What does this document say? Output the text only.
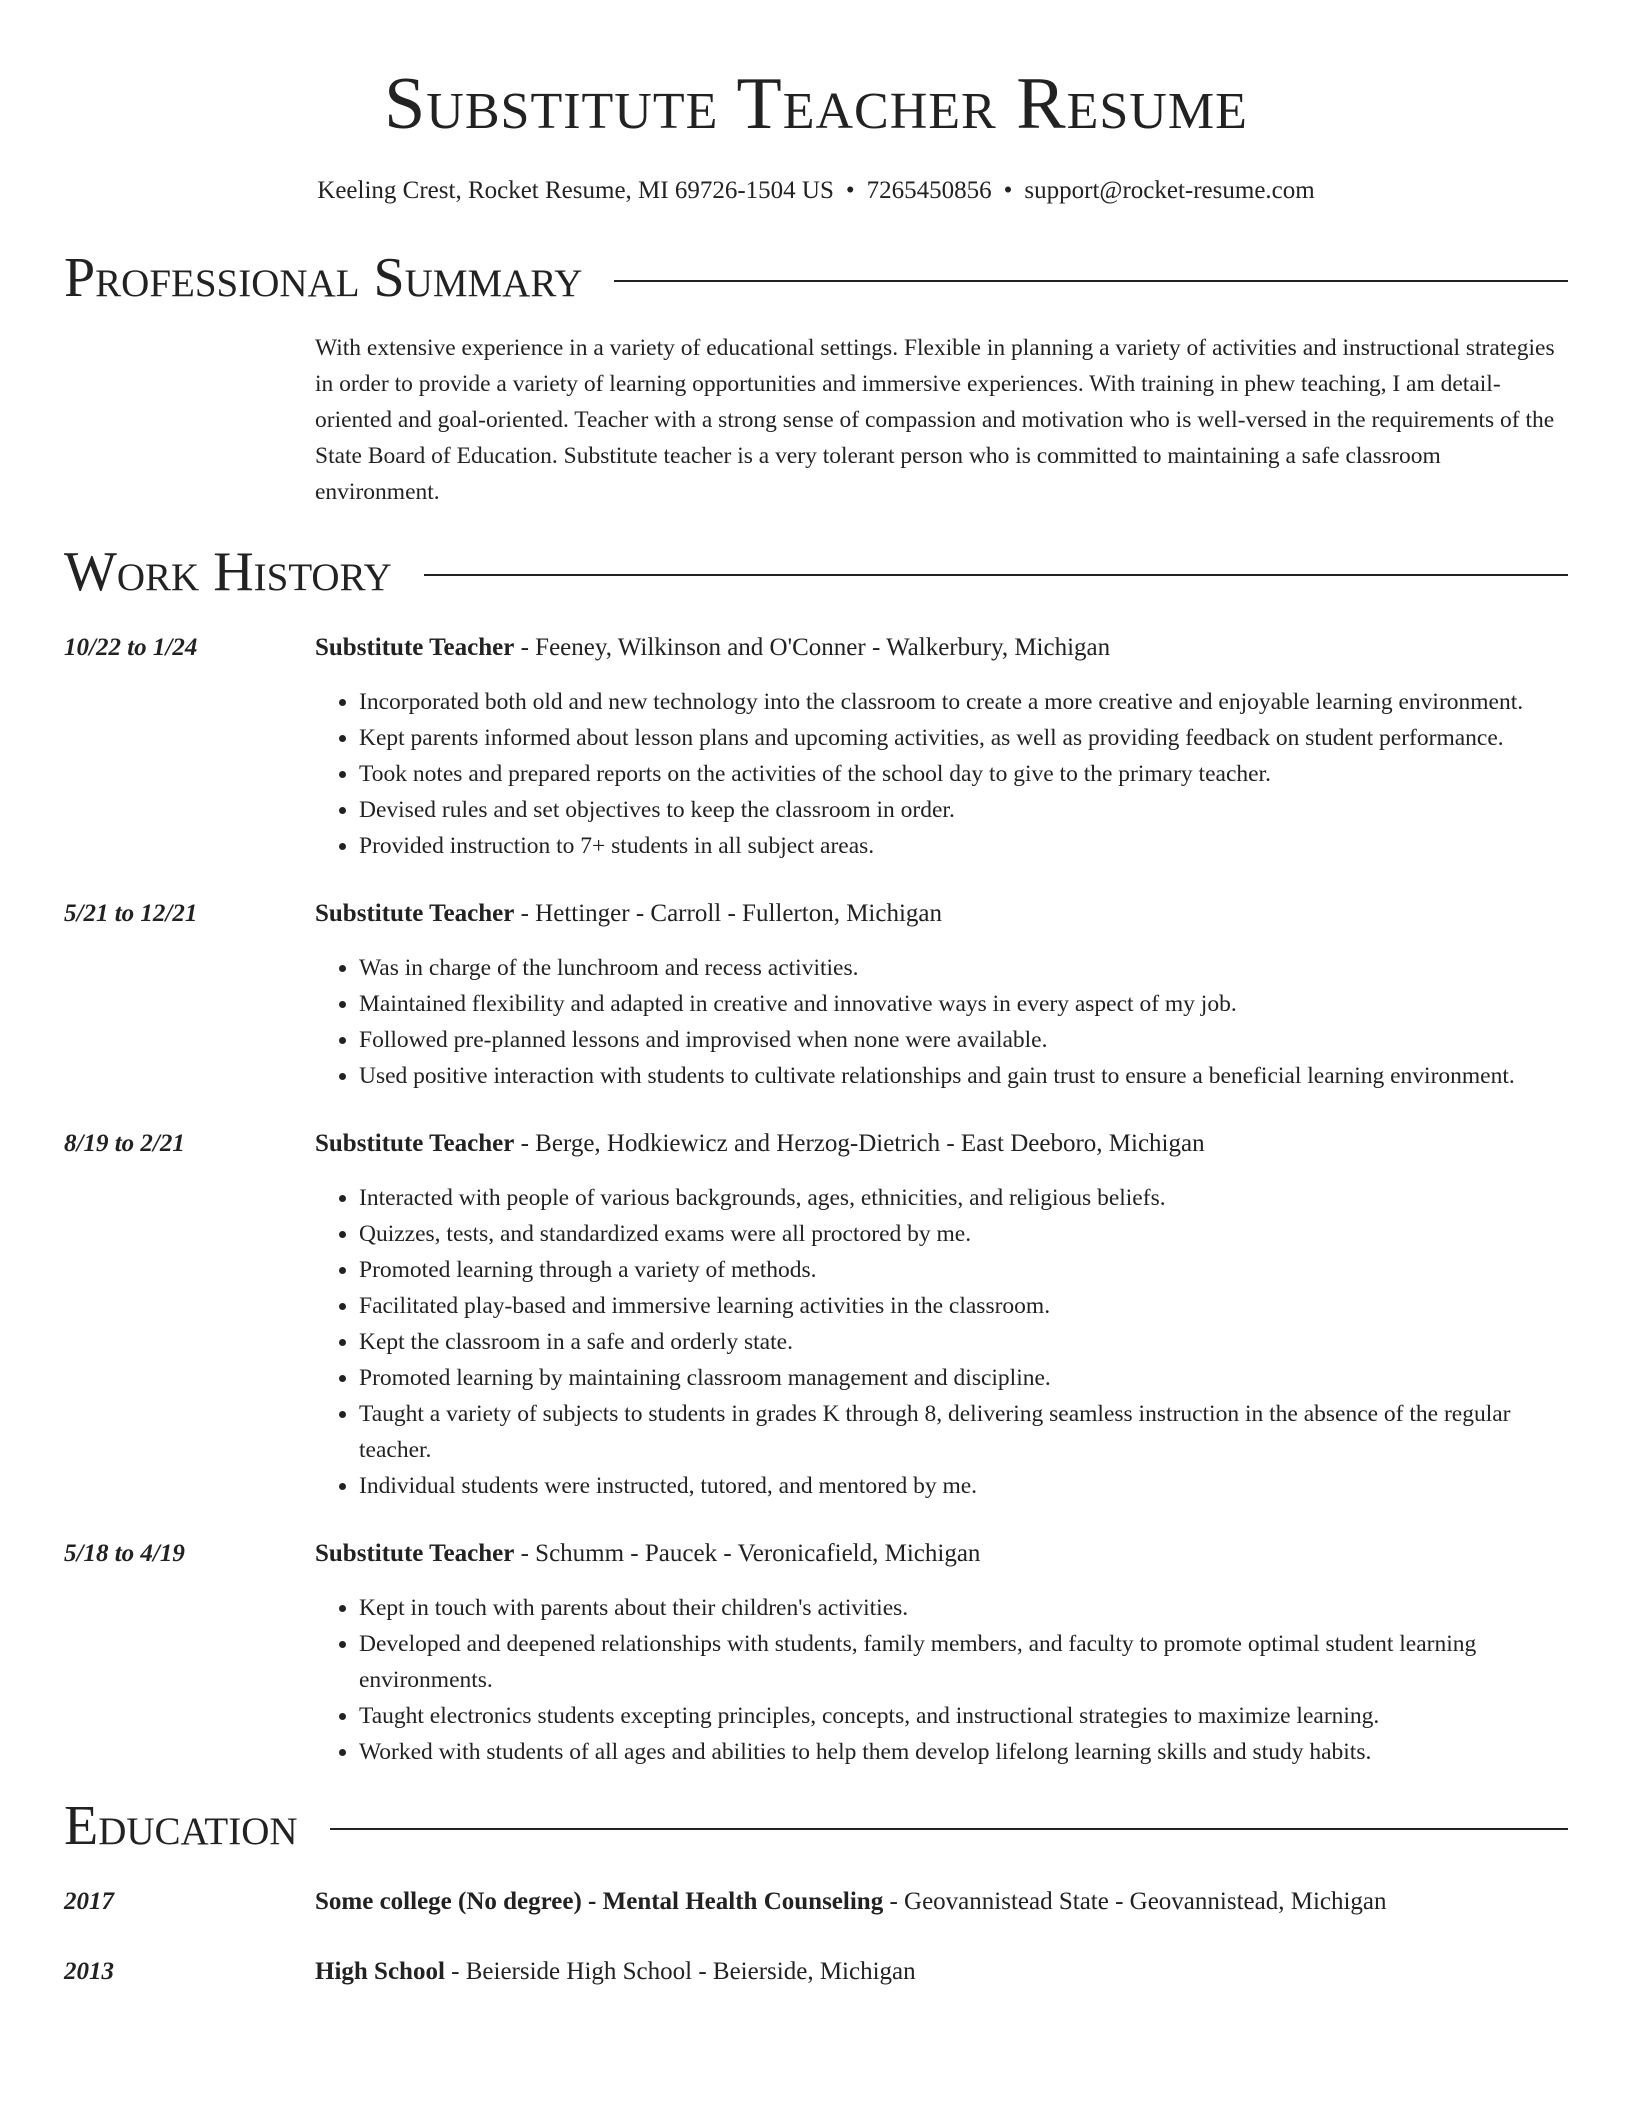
Substitute Teacher Resume
Keeling Crest, Rocket Resume, MI 69726-1504 US • 7265450856 • support@rocket-resume.com
Professional Summary
With extensive experience in a variety of educational settings. Flexible in planning a variety of activities and instructional strategies in order to provide a variety of learning opportunities and immersive experiences. With training in phew teaching, I am detail-oriented and goal-oriented. Teacher with a strong sense of compassion and motivation who is well-versed in the requirements of the State Board of Education. Substitute teacher is a very tolerant person who is committed to maintaining a safe classroom environment.
Work History
10/22 to 1/24	Substitute Teacher - Feeney, Wilkinson and O'Conner - Walkerbury, Michigan
• Incorporated both old and new technology into the classroom to create a more creative and enjoyable learning environment.
• Kept parents informed about lesson plans and upcoming activities, as well as providing feedback on student performance.
• Took notes and prepared reports on the activities of the school day to give to the primary teacher.
• Devised rules and set objectives to keep the classroom in order.
• Provided instruction to 7+ students in all subject areas.
5/21 to 12/21	Substitute Teacher - Hettinger - Carroll - Fullerton, Michigan
• Was in charge of the lunchroom and recess activities.
• Maintained flexibility and adapted in creative and innovative ways in every aspect of my job.
• Followed pre-planned lessons and improvised when none were available.
• Used positive interaction with students to cultivate relationships and gain trust to ensure a beneficial learning environment.
8/19 to 2/21	Substitute Teacher - Berge, Hodkiewicz and Herzog-Dietrich - East Deeboro, Michigan
• Interacted with people of various backgrounds, ages, ethnicities, and religious beliefs.
• Quizzes, tests, and standardized exams were all proctored by me.
• Promoted learning through a variety of methods.
• Facilitated play-based and immersive learning activities in the classroom.
• Kept the classroom in a safe and orderly state.
• Promoted learning by maintaining classroom management and discipline.
• Taught a variety of subjects to students in grades K through 8, delivering seamless instruction in the absence of the regular teacher.
• Individual students were instructed, tutored, and mentored by me.
5/18 to 4/19	Substitute Teacher - Schumm - Paucek - Veronicafield, Michigan
• Kept in touch with parents about their children's activities.
• Developed and deepened relationships with students, family members, and faculty to promote optimal student learning environments.
• Taught electronics students excepting principles, concepts, and instructional strategies to maximize learning.
• Worked with students of all ages and abilities to help them develop lifelong learning skills and study habits.
Education
2017	Some college (No degree) - Mental Health Counseling - Geovannistead State - Geovannistead, Michigan
2013	High School - Beierside High School - Beierside, Michigan
